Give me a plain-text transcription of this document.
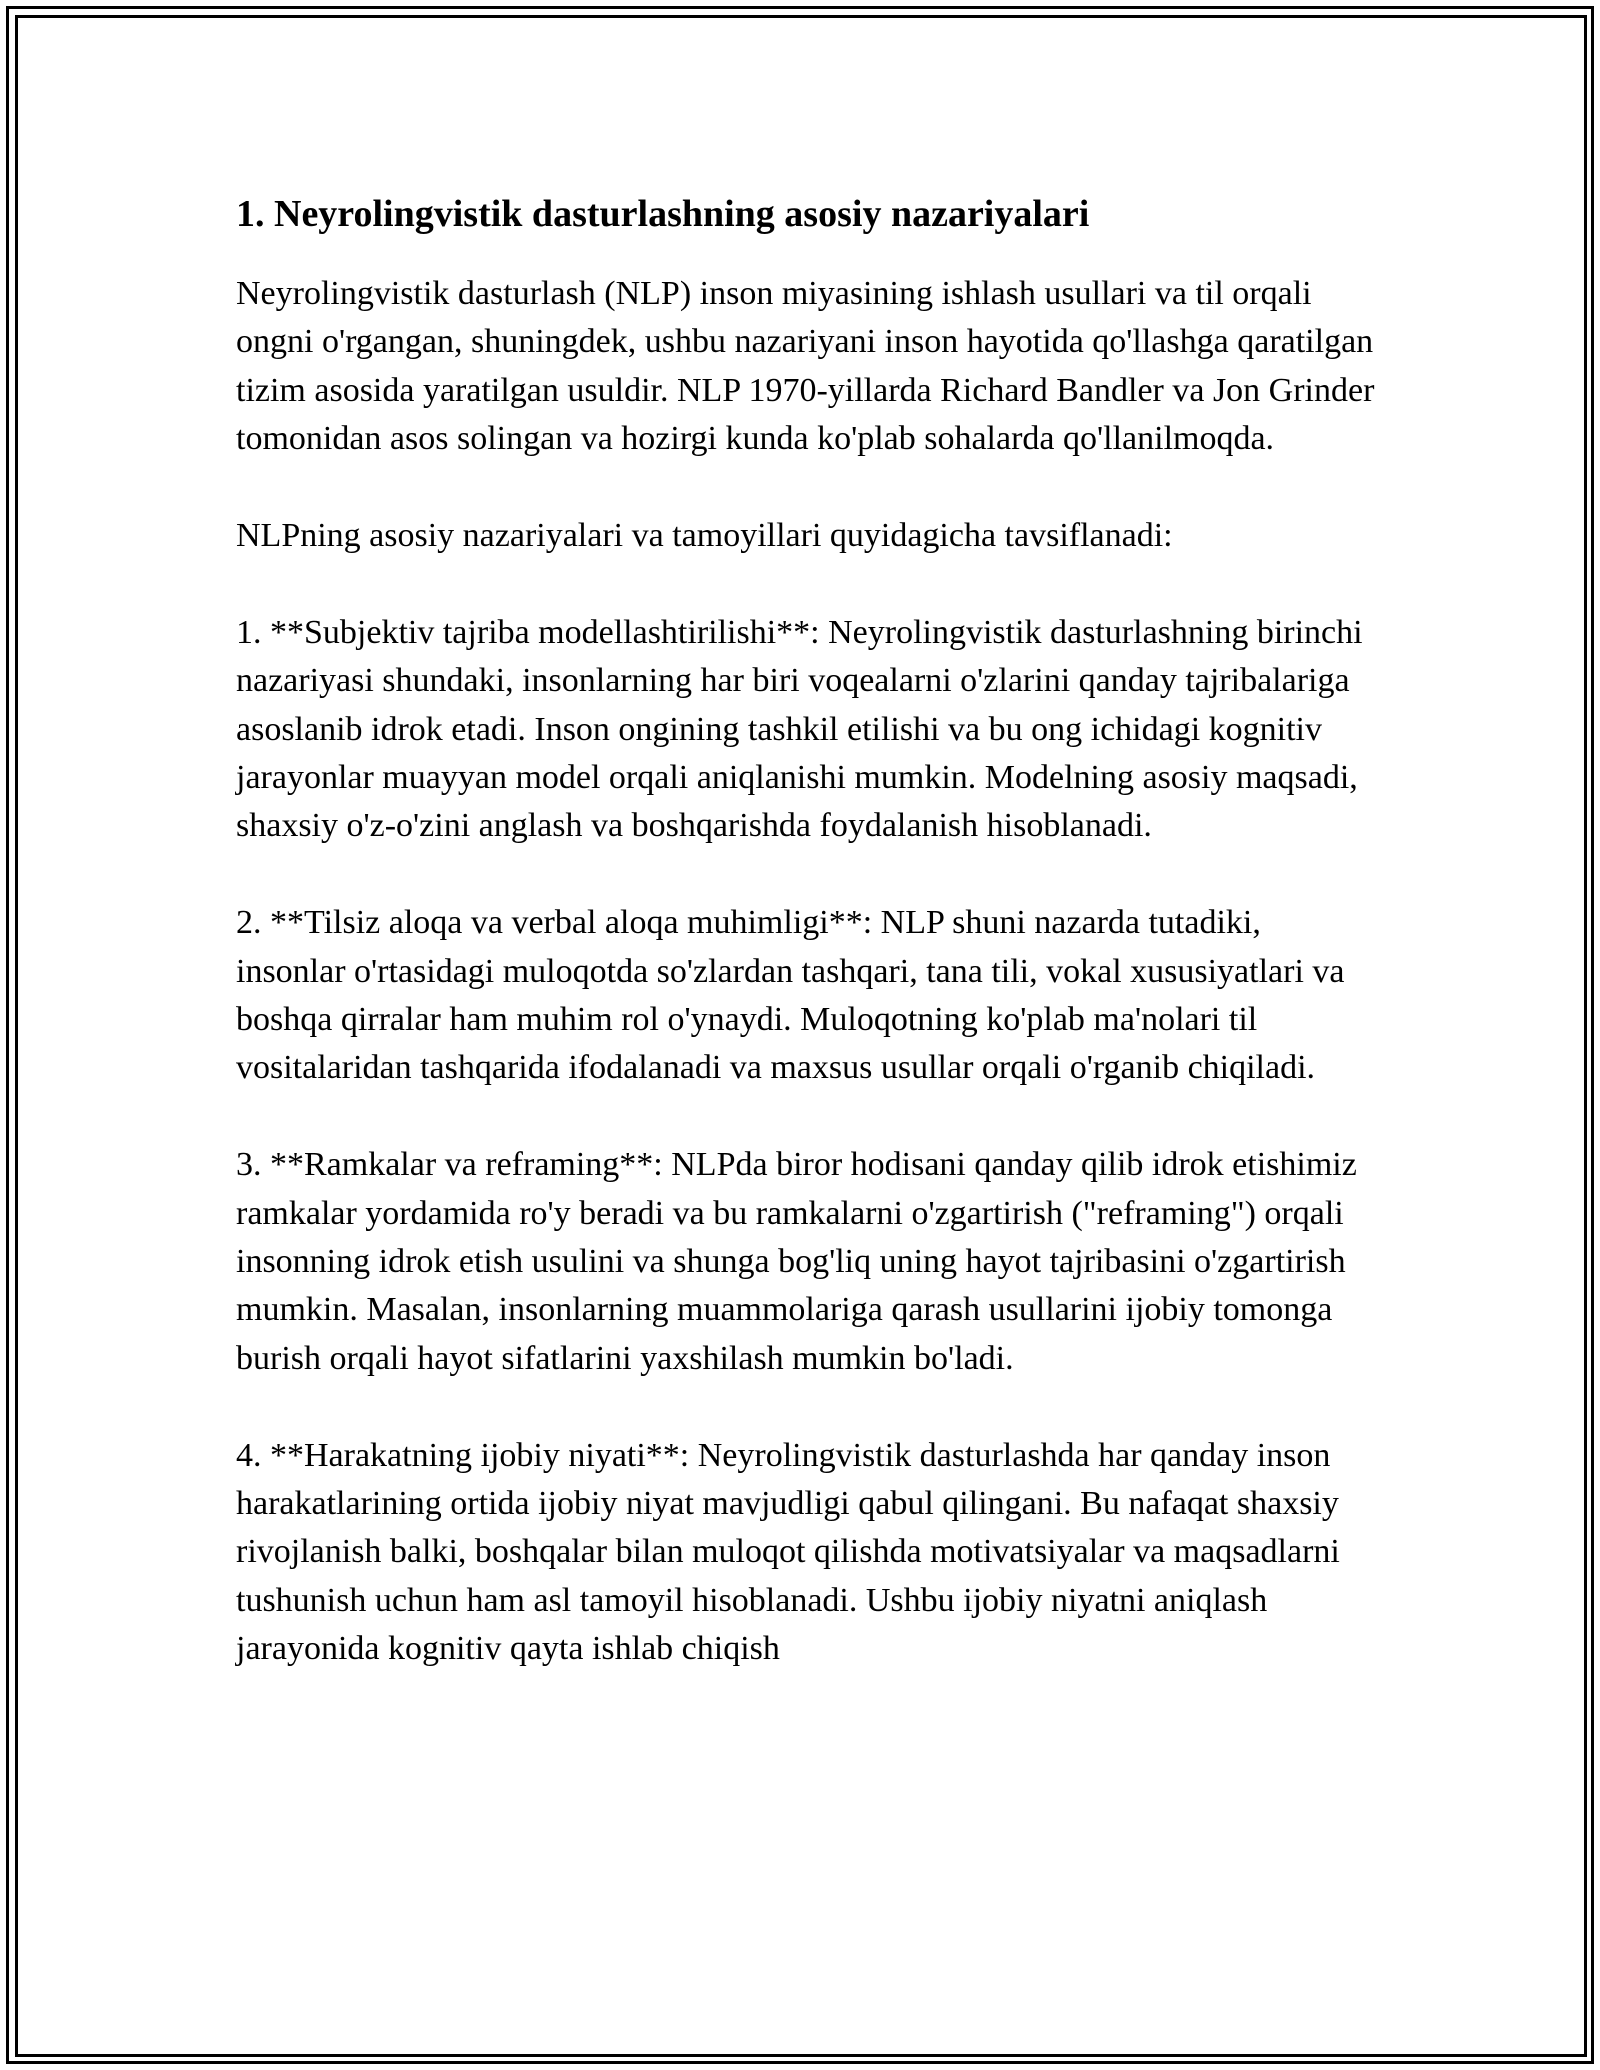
1. Neyrolingvistik dasturlashning asosiy nazariyalari

Neyrolingvistik dasturlash (NLP) inson miyasining ishlash usullari va til orqali ongni o'rgangan, shuningdek, ushbu nazariyani inson hayotida qo'llashga qaratilgan tizim asosida yaratilgan usuldir. NLP 1970-yillarda Richard Bandler va Jon Grinder tomonidan asos solingan va hozirgi kunda ko'plab sohalarda qo'llanilmoqda.

NLPning asosiy nazariyalari va tamoyillari quyidagicha tavsiflanadi:

1. **Subjektiv tajriba modellashtirilishi**: Neyrolingvistik dasturlashning birinchi nazariyasi shundaki, insonlarning har biri voqealarni o'zlarini qanday tajribalariga asoslanib idrok etadi. Inson ongining tashkil etilishi va bu ong ichidagi kognitiv jarayonlar muayyan model orqali aniqlanishi mumkin. Modelning asosiy maqsadi, shaxsiy o'z-o'zini anglash va boshqarishda foydalanish hisoblanadi.

2. **Tilsiz aloqa va verbal aloqa muhimligi**: NLP shuni nazarda tutadiki, insonlar o'rtasidagi muloqotda so'zlardan tashqari, tana tili, vokal xususiyatlari va boshqa qirralar ham muhim rol o'ynaydi. Muloqotning ko'plab ma'nolari til vositalaridan tashqarida ifodalanadi va maxsus usullar orqali o'rganib chiqiladi.

3. **Ramkalar va reframing**: NLPda biror hodisani qanday qilib idrok etishimiz ramkalar yordamida ro'y beradi va bu ramkalarni o'zgartirish ("reframing") orqali insonning idrok etish usulini va shunga bog'liq uning hayot tajribasini o'zgartirish mumkin. Masalan, insonlarning muammolariga qarash usullarini ijobiy tomonga burish orqali hayot sifatlarini yaxshilash mumkin bo'ladi.

4. **Harakatning ijobiy niyati**: Neyrolingvistik dasturlashda har qanday inson harakatlarining ortida ijobiy niyat mavjudligi qabul qilingani. Bu nafaqat shaxsiy rivojlanish balki, boshqalar bilan muloqot qilishda motivatsiyalar va maqsadlarni tushunish uchun ham asl tamoyil hisoblanadi. Ushbu ijobiy niyatni aniqlash jarayonida kognitiv qayta ishlab chiqish
